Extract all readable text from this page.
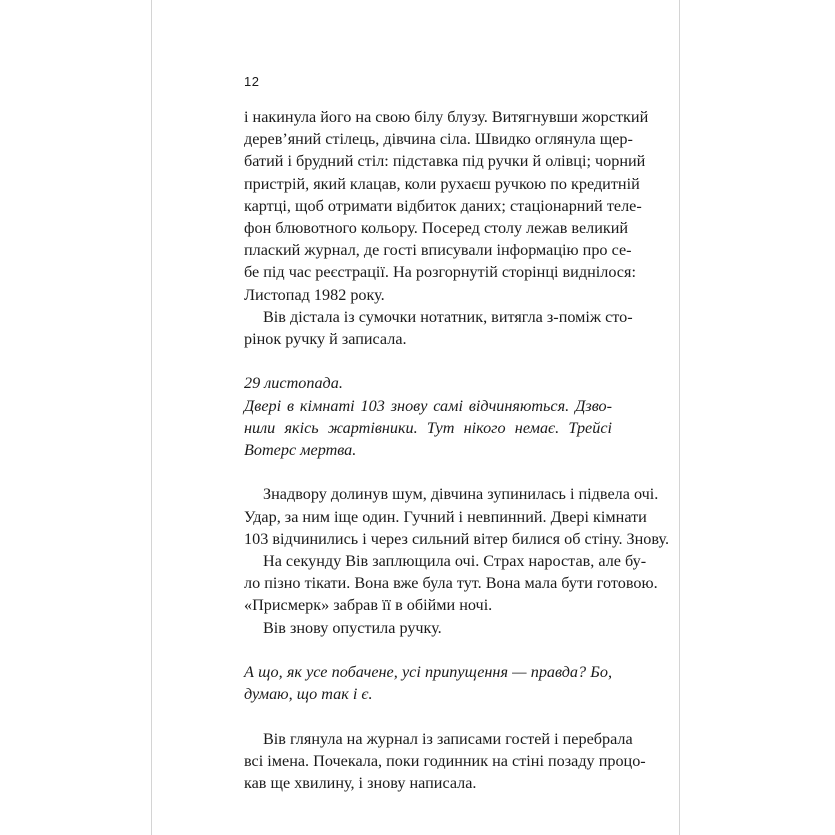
12
і накинула його на свою білу блузу. Витягнувши жорсткий
дерев’яний стілець, дівчина сіла. Швидко оглянула щер-
батий і брудний стіл: підставка під ручки й олівці; чорний
пристрій, який клацав, коли рухаєш ручкою по кредитній
картці, щоб отримати відбиток даних; стаціонарний теле-
фон блювотного кольору. Посеред столу лежав великий
плаский журнал, де гості вписували інформацію про се-
бе під час реєстрації. На розгорнутій сторінці виднілося:
Листопад 1982 року.
Вів дістала із сумочки нотатник, витягла з-поміж сто-
рінок ручку й записала.
29 листопада.
Двері в кімнаті 103 знову самі відчиняються. Дзво-
нили якісь жартівники. Тут нікого немає. Трейсі
Вотерс мертва.
Знадвору долинув шум, дівчина зупинилась і підвела очі.
Удар, за ним іще один. Гучний і невпинний. Двері кімнати
103 відчинились і через сильний вітер билися об стіну. Знову.
На секунду Вів заплющила очі. Страх наростав, але бу-
ло пізно тікати. Вона вже була тут. Вона мала бути готовою.
«Присмерк» забрав її в обійми ночі.
Вів знову опустила ручку.
А що, як усе побачене, усі припущення — правда? Бо,
думаю, що так і є.
Вів глянула на журнал із записами гостей і перебрала
всі імена. Почекала, поки годинник на стіні позаду процо-
кав ще хвилину, і знову написала.
